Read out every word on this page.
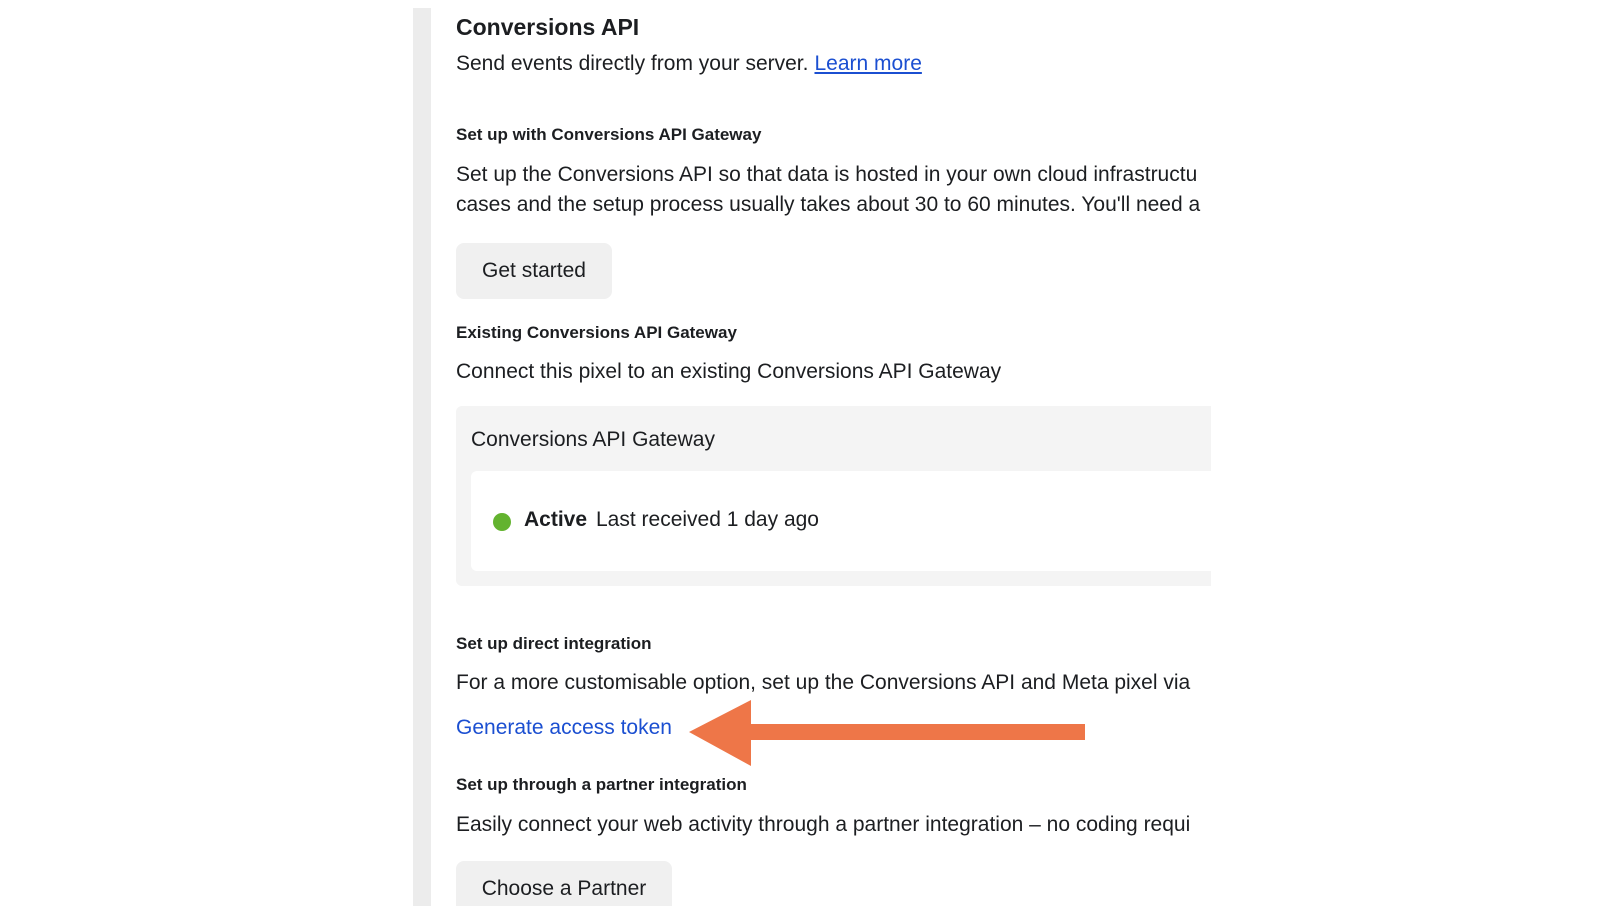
Conversions API
Send events directly from your server. Learn more
Set up with Conversions API Gateway
Set up the Conversions API so that data is hosted in your own cloud infrastructu
cases and the setup process usually takes about 30 to 60 minutes. You'll need a
Get started
Existing Conversions API Gateway
Connect this pixel to an existing Conversions API Gateway
Conversions API Gateway
Active Last received 1 day ago
Set up direct integration
For a more customisable option, set up the Conversions API and Meta pixel via
Generate access token
Set up through a partner integration
Easily connect your web activity through a partner integration – no coding requi
Choose a Partner
